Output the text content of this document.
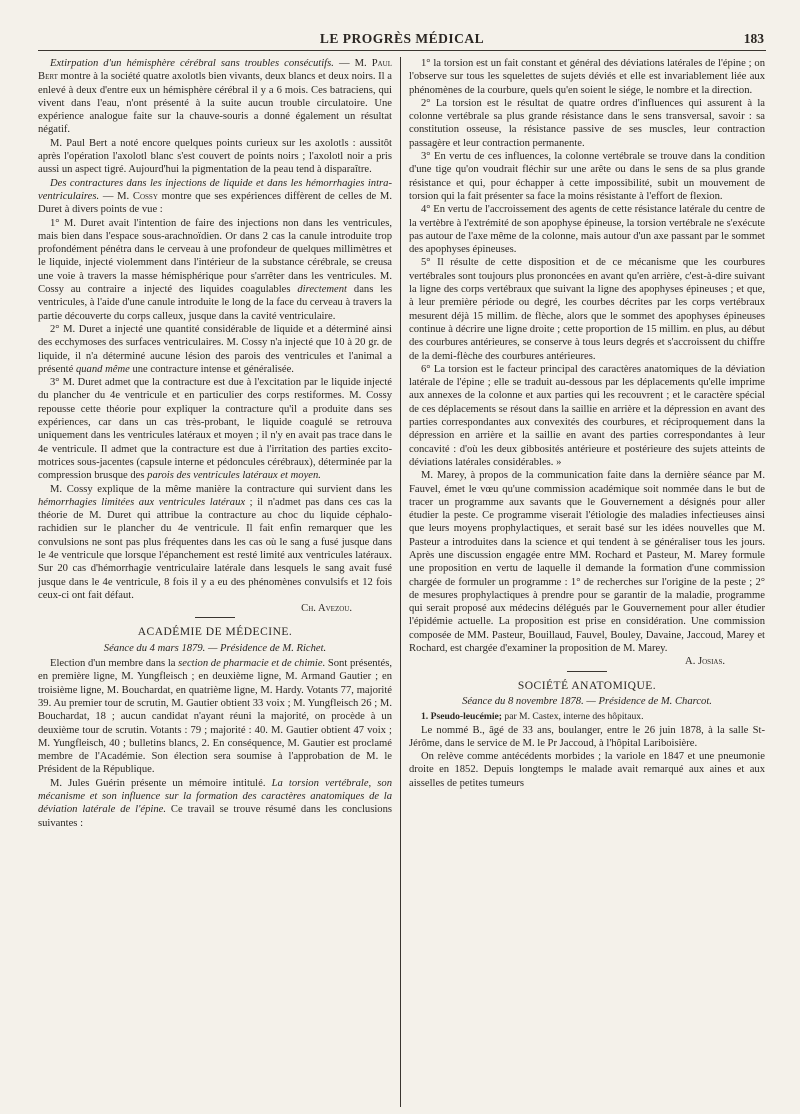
LE PROGRÈS MÉDICAL	183

Extirpation d'un hémisphère cérébral sans troubles consécutifs. — M. Paul Bert montre à la société quatre axolotls bien vivants, deux blancs et deux noirs. Il a enlevé à deux d'entre eux un hémisphère cérébral il y a 6 mois. Ces batraciens, qui vivent dans l'eau, n'ont présenté à la suite aucun trouble circulatoire. Une expérience analogue faite sur la chauve-souris a donné également un résultat négatif.

M. Paul Bert a noté encore quelques points curieux sur les axolotls : aussitôt après l'opération l'axolotl blanc s'est couvert de points noirs ; l'axolotl noir a pris aussi un aspect tigré. Aujourd'hui la pigmentation de la peau tend à disparaître.

Des contractures dans les injections de liquide et dans les hémorrhagies intra-ventriculaires. — M. Cossy montre que ses expériences diffèrent de celles de M. Duret à divers points de vue :

1° M. Duret avait l'intention de faire des injections non dans les ventricules, mais bien dans l'espace sous-arachnoïdien. Or dans 2 cas la canule introduite trop profondément pénétra dans le cerveau à une profondeur de quelques millimètres et le liquide, injecté violemment dans l'intérieur de la substance cérébrale, se creusa une voie à travers la masse hémisphérique pour s'arrêter dans les ventricules. M. Cossy au contraire a injecté des liquides coagulables directement dans les ventricules, à l'aide d'une canule introduite le long de la face du cerveau à travers la partie découverte du corps calleux, jusque dans la cavité ventriculaire.

2° M. Duret a injecté une quantité considérable de liquide et a déterminé ainsi des ecchymoses des surfaces ventriculaires. M. Cossy n'a injecté que 10 à 20 gr. de liquide, il n'a déterminé aucune lésion des parois des ventricules et l'animal a présenté quand même une contracture intense et généralisée.

3° M. Duret admet que la contracture est due à l'excitation par le liquide injecté du plancher du 4e ventricule et en particulier des corps restiformes. M. Cossy repousse cette théorie pour expliquer la contracture qu'il a produite dans ses expériences, car dans un cas très-probant, le liquide coagulé se retrouva uniquement dans les ventricules latéraux et moyen ; il n'y en avait pas trace dans le 4e ventricule. Il admet que la contracture est due à l'irritation des parties excito-motrices sous-jacentes (capsule interne et pédoncules cérébraux), déterminée par la compression brusque des parois des ventricules latéraux et moyen.

M. Cossy explique de la même manière la contracture qui survient dans les hémorrhagies limitées aux ventricules latéraux ; il n'admet pas dans ces cas la théorie de M. Duret qui attribue la contracture au choc du liquide céphalo-rachidien sur le plancher du 4e ventricule. Il fait enfin remarquer que les convulsions ne sont pas plus fréquentes dans les cas où le sang a fusé jusque dans le 4e ventricule que lorsque l'épanchement est resté limité aux ventricules latéraux. Sur 20 cas d'hémorrhagie ventriculaire latérale dans lesquels le sang avait fusé jusque dans le 4e ventricule, 8 fois il y a eu des phénomènes convulsifs et 12 fois ceux-ci ont fait défaut.

Ch. Avezou.

ACADÉMIE DE MÉDECINE.
Séance du 4 mars 1879. — Présidence de M. Richet.

Election d'un membre dans la section de pharmacie et de chimie. Sont présentés, en première ligne, M. Yungfleisch ; en deuxième ligne, M. Armand Gautier ; en troisième ligne, M. Bouchardat, en quatrième ligne, M. Hardy. Votants 77, majorité 39. Au premier tour de scrutin, M. Gautier obtient 33 voix ; M. Yungfleisch 26 ; M. Bouchardat, 18 ; aucun candidat n'ayant réuni la majorité, on procède à un deuxième tour de scrutin. Votants : 79 ; majorité : 40. M. Gautier obtient 47 voix ; M. Yungfleisch, 40 ; bulletins blancs, 2. En conséquence, M. Gautier est proclamé membre de l'Académie. Son élection sera soumise à l'approbation de M. le Président de la République.

M. Jules Guérin présente un mémoire intitulé. La torsion vertébrale, son mécanisme et son influence sur la formation des caractères anatomiques de la déviation latérale de l'épine. Ce travail se trouve résumé dans les conclusions suivantes :

1° la torsion est un fait constant et général des déviations latérales de l'épine ; on l'observe sur tous les squelettes de sujets déviés et elle est invariablement liée aux phénomènes de la courbure, quels qu'en soient le siége, le nombre et la direction.

2° La torsion est le résultat de quatre ordres d'influences qui assurent à la colonne vertébrale sa plus grande résistance dans le sens transversal, savoir : sa constitution osseuse, la résistance passive de ses muscles, leur contraction passagère et leur contraction permanente.

3° En vertu de ces influences, la colonne vertébrale se trouve dans la condition d'une tige qu'on voudrait fléchir sur une arête ou dans le sens de sa plus grande résistance et qui, pour échapper à cette impossibilité, subit un mouvement de torsion qui la fait présenter sa face la moins résistante à l'effort de flexion.

4° En vertu de l'accroissement des agents de cette résistance latérale du centre de la vertèbre à l'extrémité de son apophyse épineuse, la torsion vertébrale ne s'exécute pas autour de l'axe même de la colonne, mais autour d'un axe passant par le sommet des apophyses épineuses.

5° Il résulte de cette disposition et de ce mécanisme que les courbures vertébrales sont toujours plus prononcées en avant qu'en arrière, c'est-à-dire suivant la ligne des corps vertébraux que suivant la ligne des apophyses épineuses ; et que, à leur première période ou degré, les courbes décrites par les corps vertébraux mesurent déjà 15 millim. de flèche, alors que le sommet des apophyses épineuses continue à décrire une ligne droite ; cette proportion de 15 millim. en plus, au début des courbures antérieures, se conserve à tous leurs degrés et s'accroissent du chiffre de la demi-flèche des courbures antérieures.

6° La torsion est le facteur principal des caractères anatomiques de la déviation latérale de l'épine ; elle se traduit au-dessous par les déplacements qu'elle imprime aux annexes de la colonne et aux parties qui les recouvrent ; et le caractère spécial de ces déplacements se résout dans la saillie en arrière et la dépression en avant des parties correspondantes aux convexités des courbures, et réciproquement dans la dépression en arrière et la saillie en avant des parties correspondantes à leur concavité : d'où les deux gibbosités antérieure et postérieure des sujets atteints de déviations latérales considérables. »

M. Marey, à propos de la communication faite dans la dernière séance par M. Fauvel, émet le vœu qu'une commission académique soit nommée dans le but de tracer un programme aux savants que le Gouvernement a désignés pour aller étudier la peste. Ce programme viserait l'étiologie des maladies infectieuses ainsi que leurs moyens prophylactiques, et serait basé sur les idées nouvelles que M. Pasteur a introduites dans la science et qui tendent à se généraliser tous les jours. Après une discussion engagée entre MM. Rochard et Pasteur, M. Marey formule une proposition en vertu de laquelle il demande la formation d'une commission chargée de formuler un programme : 1° de recherches sur l'origine de la peste ; 2° de mesures prophylactiques à prendre pour se garantir de la maladie, programme qui serait proposé aux médecins délégués par le Gouvernement pour aller étudier l'épidémie actuelle. La proposition est prise en considération. Une commission composée de MM. Pasteur, Bouillaud, Fauvel, Bouley, Davaine, Jaccoud, Marey et Rochard, est chargée d'examiner la proposition de M. Marey.

A. Josias.

SOCIÉTÉ ANATOMIQUE.
Séance du 8 novembre 1878. — Présidence de M. Charcot.

1. Pseudo-leucémie; par M. Castex, interne des hôpitaux.

Le nommé B., âgé de 33 ans, boulanger, entre le 26 juin 1878, à la salle St-Jérôme, dans le service de M. le Pr Jaccoud, à l'hôpital Lariboisière.

On relève comme antécédents morbides ; la variole en 1847 et une pneumonie droite en 1852. Depuis longtemps le malade avait remarqué aux aines et aux aisselles de petites tumeurs
